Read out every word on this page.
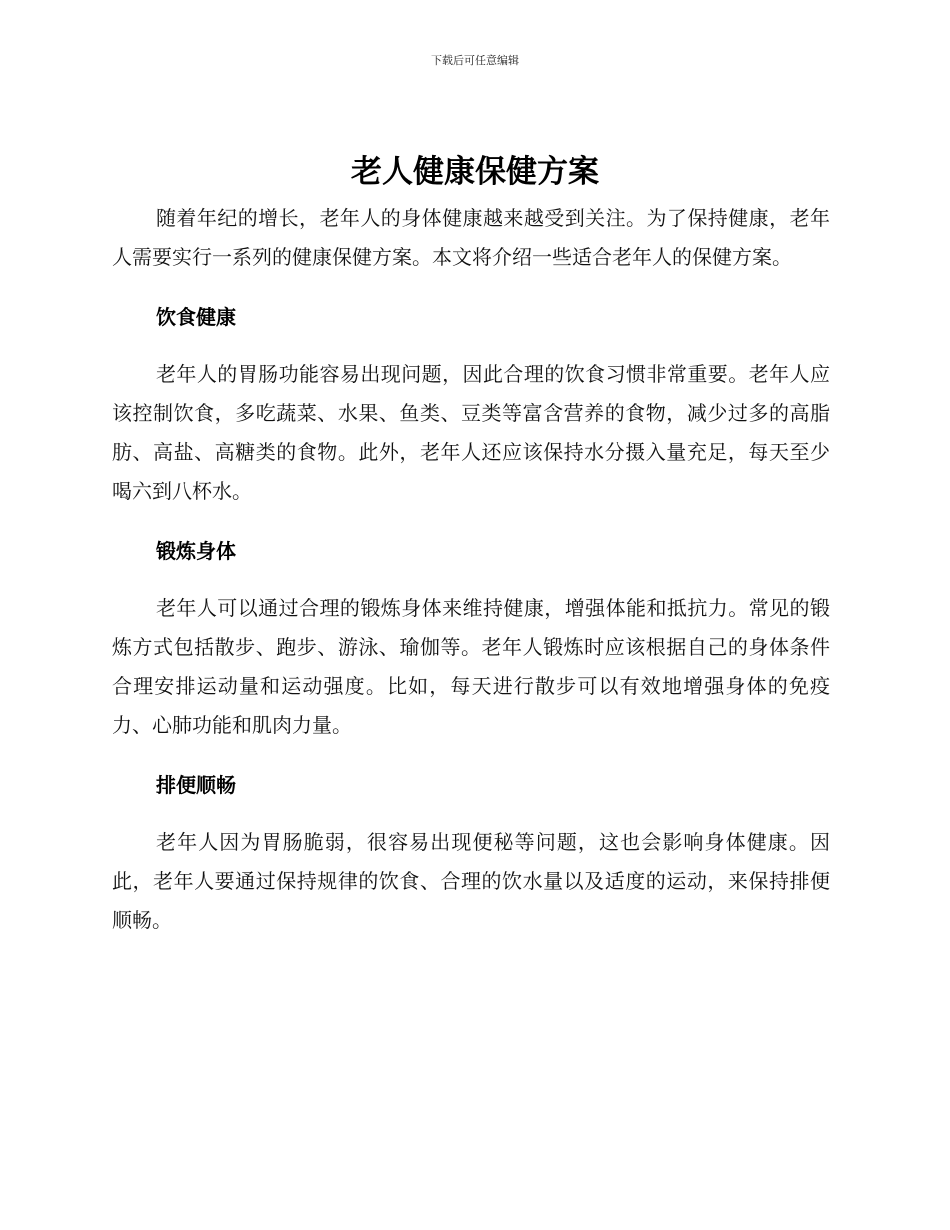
下载后可任意编辑
老人健康保健方案

随着年纪的增长，老年人的身体健康越来越受到关注。为了保持健康，老年人需要实行一系列的健康保健方案。本文将介绍一些适合老年人的保健方案。

饮食健康

老年人的胃肠功能容易出现问题，因此合理的饮食习惯非常重要。老年人应该控制饮食，多吃蔬菜、水果、鱼类、豆类等富含营养的食物，减少过多的高脂肪、高盐、高糖类的食物。此外，老年人还应该保持水分摄入量充足，每天至少喝六到八杯水。

锻炼身体

老年人可以通过合理的锻炼身体来维持健康，增强体能和抵抗力。常见的锻炼方式包括散步、跑步、游泳、瑜伽等。老年人锻炼时应该根据自己的身体条件合理安排运动量和运动强度。比如，每天进行散步可以有效地增强身体的免疫力、心肺功能和肌肉力量。

排便顺畅

老年人因为胃肠脆弱，很容易出现便秘等问题，这也会影响身体健康。因此，老年人要通过保持规律的饮食、合理的饮水量以及适度的运动，来保持排便顺畅。
